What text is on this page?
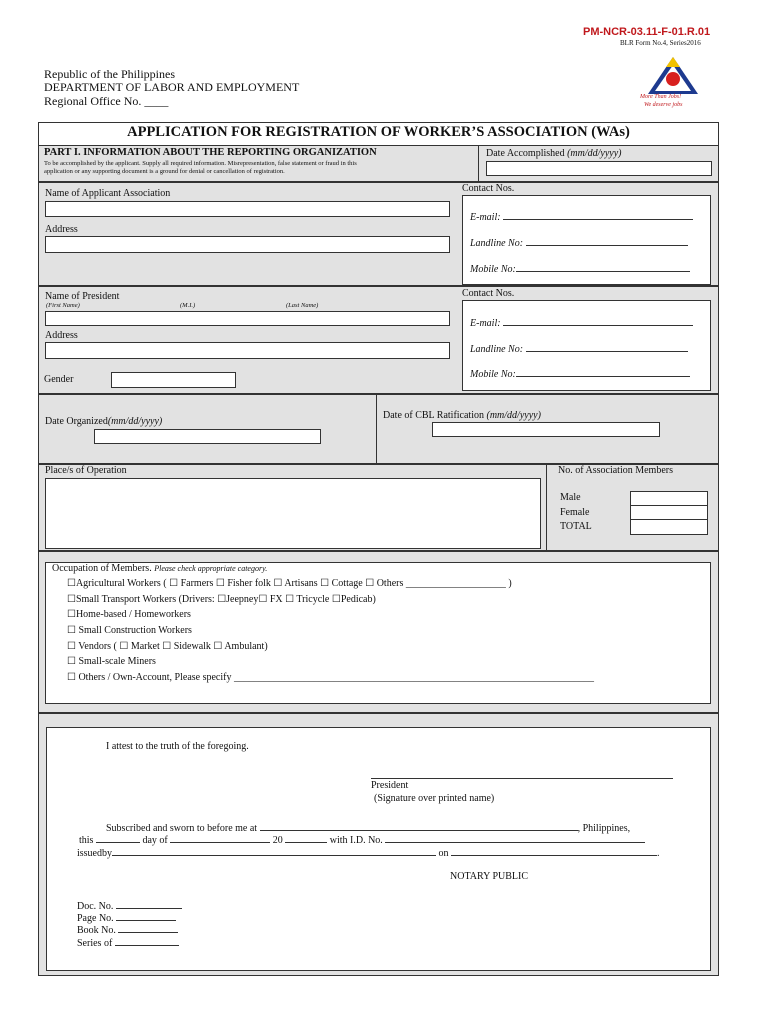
PM-NCR-03.11-F-01.R.01
BLR Form No.4, Series2016
Republic of the Philippines
DEPARTMENT OF LABOR AND EMPLOYMENT
Regional Office No. ____	More Than Jobs!
We deserve jobs
APPLICATION FOR REGISTRATION OF WORKER’S ASSOCIATION (WAs)
PART I. INFORMATION ABOUT THE REPORTING ORGANIZATION
To be accomplished by the applicant. Supply all required information. Misrepresentation, false statement or fraud in this
application or any supporting document is a ground for denial or cancellation of registration.
Date Accomplished (mm/dd/yyyy)
Name of Applicant Association
Address
Contact Nos.
E-mail:
Landline No:
Mobile No:
Name of President
(First Name)	(M.I.)	(Last Name)
Address
Gender
Contact Nos.
E-mail:
Landline No:
Mobile No:
Date Organized(mm/dd/yyyy)
Date of CBL Ratification (mm/dd/yyyy)
Place/s of Operation	No. of Association Members
Male
Female
TOTAL
Occupation of Members. Please check appropriate category.
☐Agricultural Workers ( ☐ Farmers ☐ Fisher folk ☐ Artisans ☐ Cottage ☐ Others ____________________ )
☐Small Transport Workers (Drivers: ☐Jeepney☐ FX ☐ Tricycle ☐Pedicab)
☐Home-based / Homeworkers
☐ Small Construction Workers
☐ Vendors ( ☐ Market ☐ Sidewalk ☐ Ambulant)
☐ Small-scale Miners
☐ Others / Own-Account, Please specify ________________________________________________________________________
I attest to the truth of the foregoing.
President
(Signature over printed name)
Subscribed and sworn to before me at	, Philippines,
this	day of	20	with I.D. No.
issuedby	on	.
NOTARY PUBLIC
Doc. No.
Page No.
Book No.
Series of
